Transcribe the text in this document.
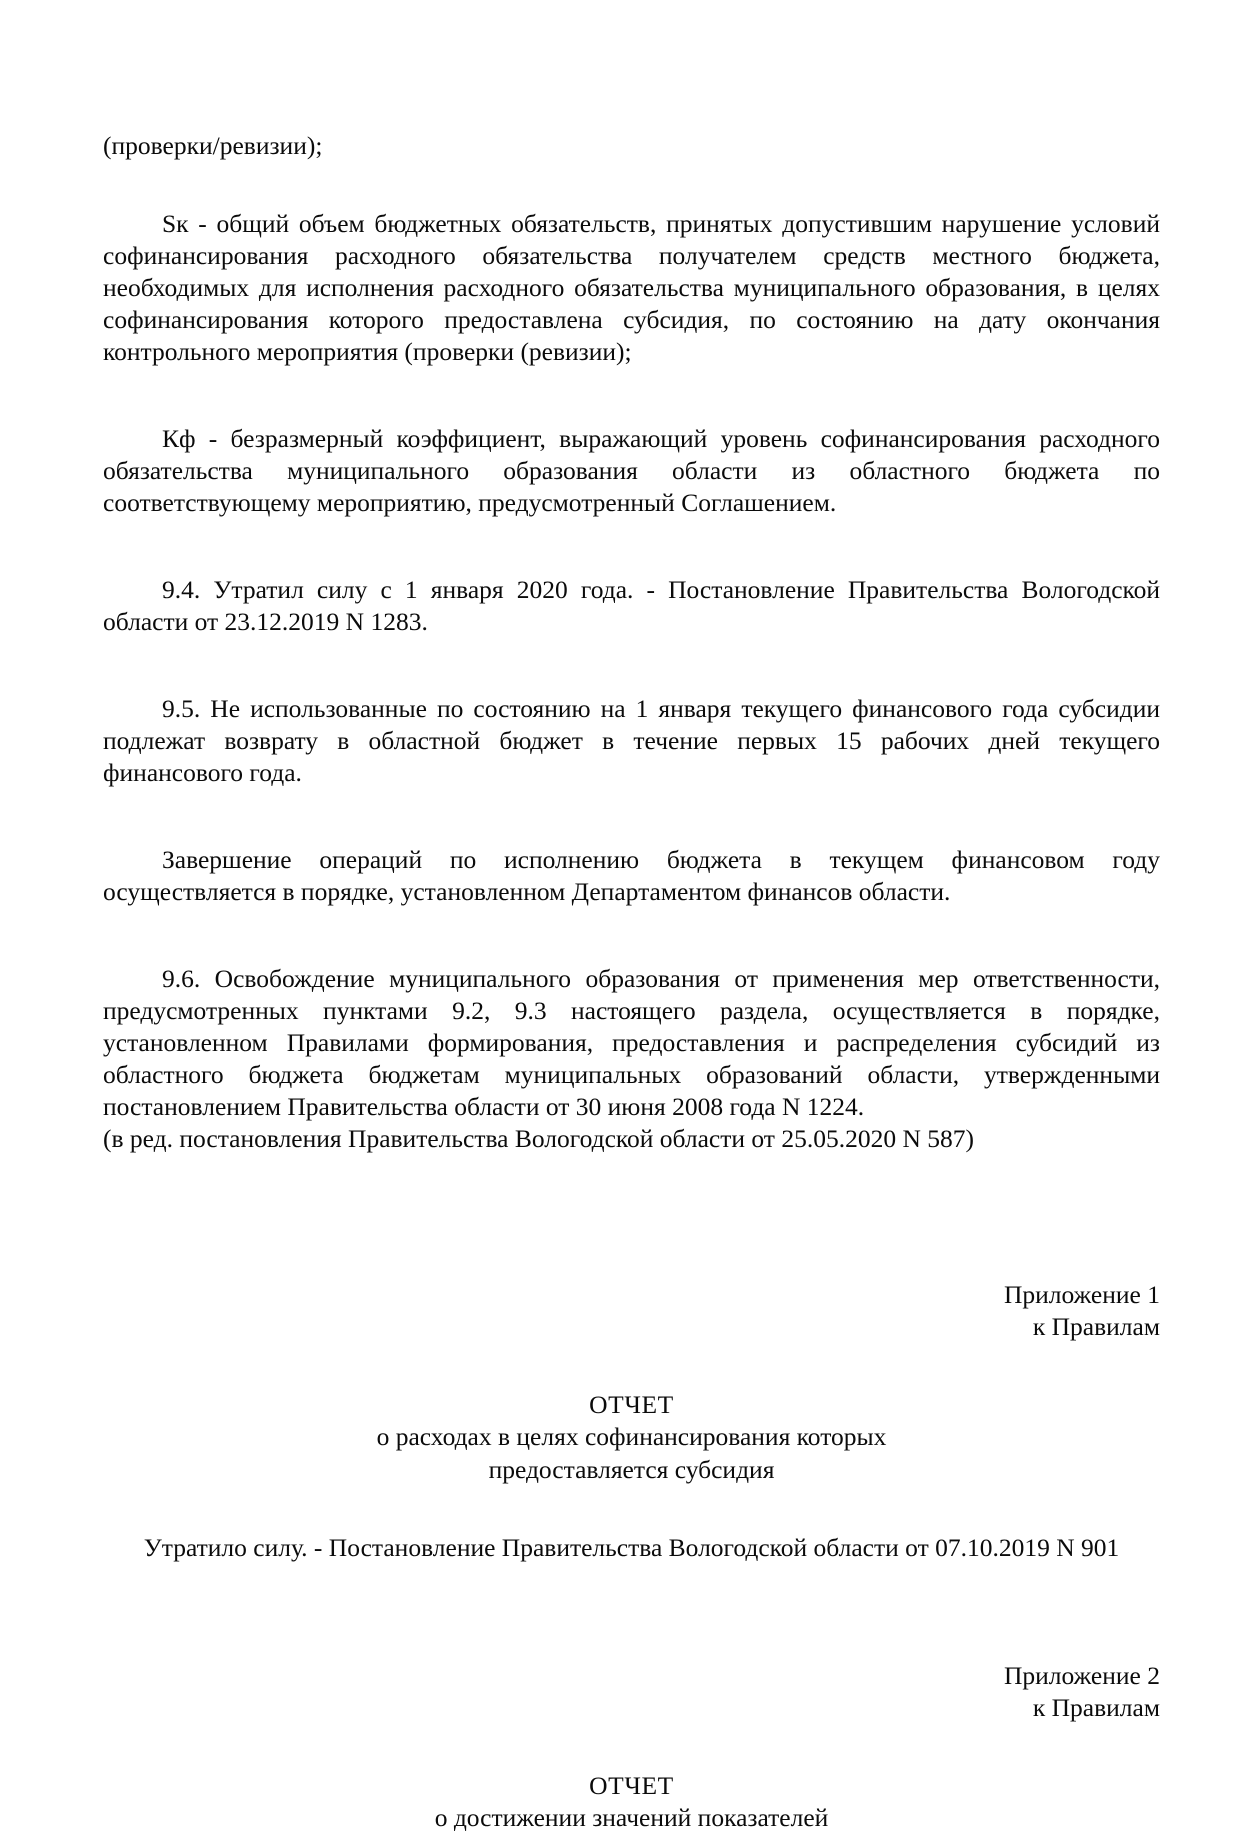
(проверки/ревизии);

Sк - общий объем бюджетных обязательств, принятых допустившим нарушение условий софинансирования расходного обязательства получателем средств местного бюджета, необходимых для исполнения расходного обязательства муниципального образования, в целях софинансирования которого предоставлена субсидия, по состоянию на дату окончания контрольного мероприятия (проверки (ревизии);

Кф - безразмерный коэффициент, выражающий уровень софинансирования расходного обязательства муниципального образования области из областного бюджета по соответствующему мероприятию, предусмотренный Соглашением.

9.4. Утратил силу с 1 января 2020 года. - Постановление Правительства Вологодской области от 23.12.2019 N 1283.

9.5. Не использованные по состоянию на 1 января текущего финансового года субсидии подлежат возврату в областной бюджет в течение первых 15 рабочих дней текущего финансового года.

Завершение операций по исполнению бюджета в текущем финансовом году осуществляется в порядке, установленном Департаментом финансов области.

9.6. Освобождение муниципального образования от применения мер ответственности, предусмотренных пунктами 9.2, 9.3 настоящего раздела, осуществляется в порядке, установленном Правилами формирования, предоставления и распределения субсидий из областного бюджета бюджетам муниципальных образований области, утвержденными постановлением Правительства области от 30 июня 2008 года N 1224.

(в ред. постановления Правительства Вологодской области от 25.05.2020 N 587)

Приложение 1
к Правилам
ОТЧЕТ
о расходах в целях софинансирования которых
предоставляется субсидия

Утратило силу. - Постановление Правительства Вологодской области от 07.10.2019 N 901

Приложение 2
к Правилам
ОТЧЕТ
о достижении значений показателей
